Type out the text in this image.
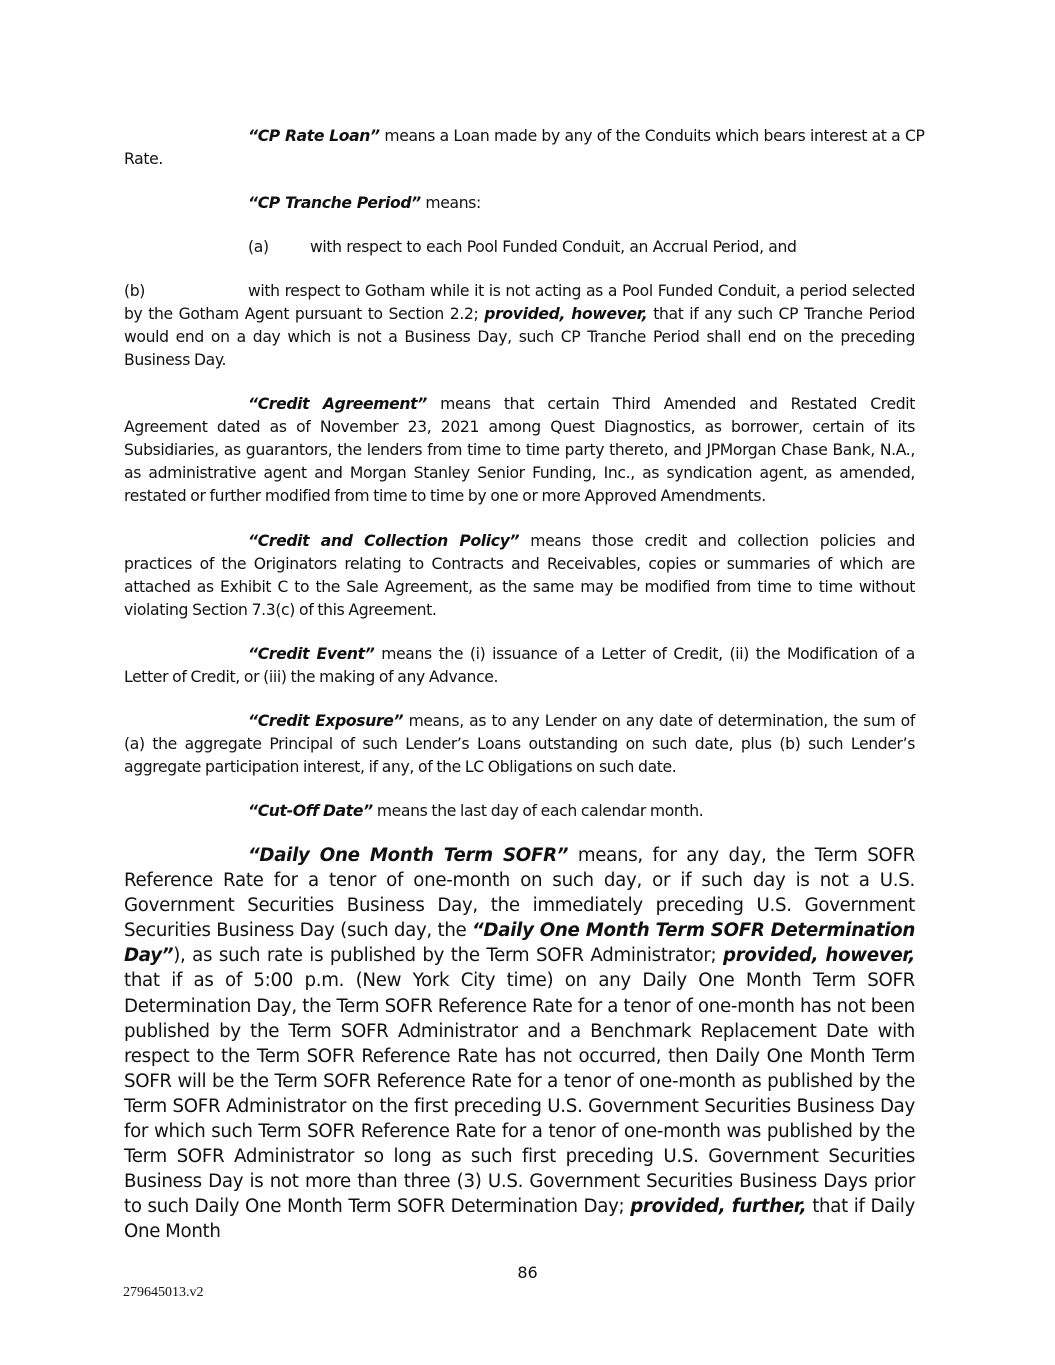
“CP Rate Loan” means a Loan made by any of the Conduits which bears interest at a CP

Rate.

“CP Tranche Period” means:

(a)	with respect to each Pool Funded Conduit, an Accrual Period, and

(b)	with respect to Gotham while it is not acting as a Pool Funded Conduit, a period selected by the Gotham Agent pursuant to Section 2.2; provided, however, that if any such CP Tranche Period would end on a day which is not a Business Day, such CP Tranche Period shall end on the preceding Business Day.

“Credit Agreement” means that certain Third Amended and Restated Credit Agreement dated as of November 23, 2021 among Quest Diagnostics, as borrower, certain of its Subsidiaries, as guarantors, the lenders from time to time party thereto, and JPMorgan Chase Bank, N.A., as administrative agent and Morgan Stanley Senior Funding, Inc., as syndication agent, as amended, restated or further modified from time to time by one or more Approved Amendments.

“Credit and Collection Policy” means those credit and collection policies and practices of the Originators relating to Contracts and Receivables, copies or summaries of which are attached as Exhibit C to the Sale Agreement, as the same may be modified from time to time without violating Section 7.3(c) of this Agreement.

“Credit Event” means the (i) issuance of a Letter of Credit, (ii) the Modification of a Letter of Credit, or (iii) the making of any Advance.

“Credit Exposure” means, as to any Lender on any date of determination, the sum of (a) the aggregate Principal of such Lender’s Loans outstanding on such date, plus (b) such Lender’s aggregate participation interest, if any, of the LC Obligations on such date.

“Cut-Off Date” means the last day of each calendar month.

“Daily One Month Term SOFR” means, for any day, the Term SOFR Reference Rate for a tenor of one-month on such day, or if such day is not a U.S. Government Securities Business Day, the immediately preceding U.S. Government Securities Business Day (such day, the “Daily One Month Term SOFR Determination Day”), as such rate is published by the Term SOFR Administrator; provided, however, that if as of 5:00 p.m. (New York City time) on any Daily One Month Term SOFR Determination Day, the Term SOFR Reference Rate for a tenor of one-month has not been published by the Term SOFR Administrator and a Benchmark Replacement Date with respect to the Term SOFR Reference Rate has not occurred, then Daily One Month Term SOFR will be the Term SOFR Reference Rate for a tenor of one-month as published by the Term SOFR Administrator on the first preceding U.S. Government Securities Business Day for which such Term SOFR Reference Rate for a tenor of one-month was published by the Term SOFR Administrator so long as such first preceding U.S. Government Securities Business Day is not more than three (3) U.S. Government Securities Business Days prior to such Daily One Month Term SOFR Determination Day; provided, further, that if Daily One Month

86
279645013.v2
